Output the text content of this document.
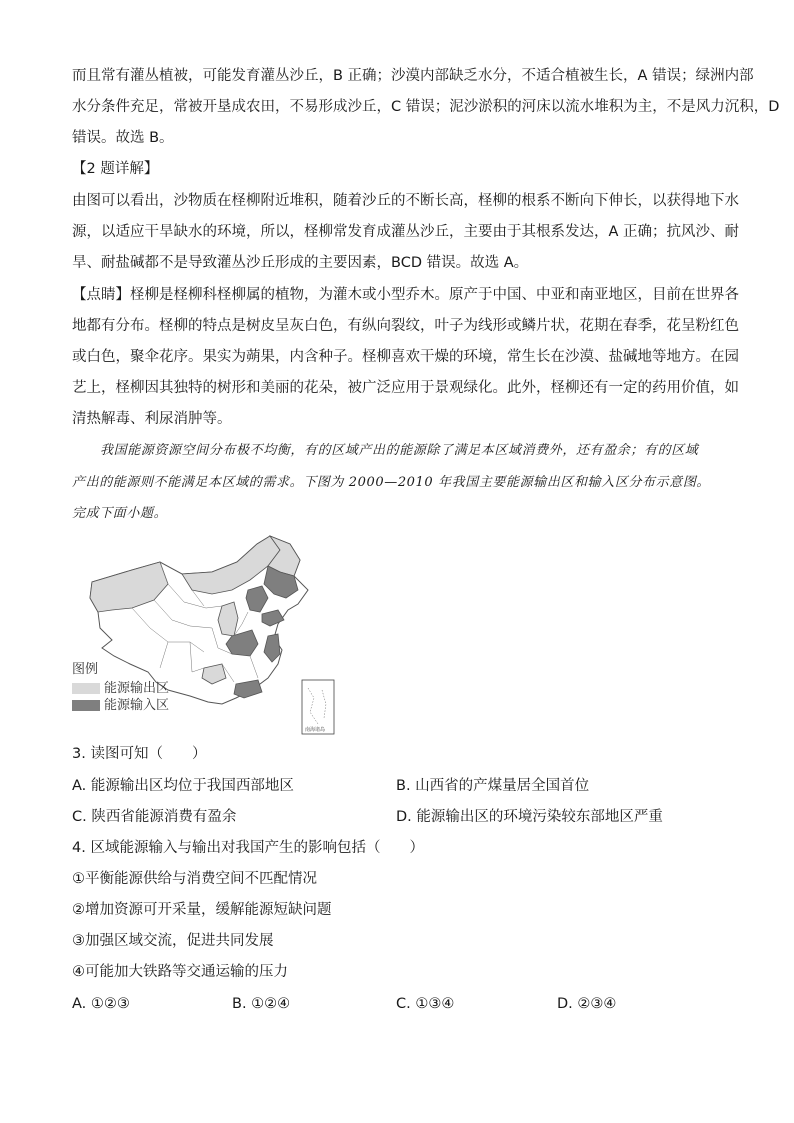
而且常有灌丛植被，可能发育灌丛沙丘，B 正确；沙漠内部缺乏水分，不适合植被生长，A 错误；绿洲内部
水分条件充足，常被开垦成农田，不易形成沙丘，C 错误；泥沙淤积的河床以流水堆积为主，不是风力沉积，D
错误。故选 B。
【2 题详解】
由图可以看出，沙物质在柽柳附近堆积，随着沙丘的不断长高，柽柳的根系不断向下伸长，以获得地下水
源，以适应干旱缺水的环境，所以，柽柳常发育成灌丛沙丘，主要由于其根系发达，A 正确；抗风沙、耐
旱、耐盐碱都不是导致灌丛沙丘形成的主要因素，BCD 错误。故选 A。
【点睛】柽柳是柽柳科柽柳属的植物，为灌木或小型乔木。原产于中国、中亚和南亚地区，目前在世界各
地都有分布。柽柳的特点是树皮呈灰白色，有纵向裂纹，叶子为线形或鳞片状，花期在春季，花呈粉红色
或白色，聚伞花序。果实为蒴果，内含种子。柽柳喜欢干燥的环境，常生长在沙漠、盐碱地等地方。在园
艺上，柽柳因其独特的树形和美丽的花朵，被广泛应用于景观绿化。此外，柽柳还有一定的药用价值，如
清热解毒、利尿消肿等。
我国能源资源空间分布极不均衡，有的区域产出的能源除了满足本区域消费外，还有盈余；有的区域
产出的能源则不能满足本区域的需求。下图为 2000—2010 年我国主要能源输出区和输入区分布示意图。
完成下面小题。
南海诸岛
图例
能源输出区
能源输入区
3. 读图可知（　　）
A. 能源输出区均位于我国西部地区	B. 山西省的产煤量居全国首位
C. 陕西省能源消费有盈余	D. 能源输出区的环境污染较东部地区严重
4. 区域能源输入与输出对我国产生的影响包括（　　）
①平衡能源供给与消费空间不匹配情况
②增加资源可开采量，缓解能源短缺问题
③加强区域交流，促进共同发展
④可能加大铁路等交通运输的压力
A. ①②③	B. ①②④	C. ①③④	D. ②③④
